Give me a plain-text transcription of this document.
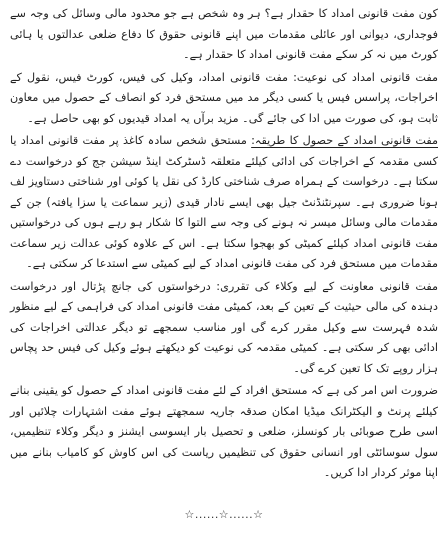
کون مفت قانونی امداد کا حقدار ہے؟ ہر وہ شخص ہے جو محدود مالی وسائل کی وجہ سے فوجداری، دیوانی اور عائلی مقدمات میں اپنے قانونی حقوق کا دفاع ضلعی عدالتوں یا ہائی کورٹ میں نہ کر سکے مفت قانونی امداد کا حقدار ہے۔

مفت قانونی امداد کی نوعیت: مفت قانونی امداد، وکیل کی فیس، کورٹ فیس، نقول کے اخراجات، پراسس فیس یا کسی دیگر مد میں مستحق فرد کو انصاف کے حصول میں معاون ثابت ہو، کی صورت میں ادا کی جائے گی۔ مزید برآں یہ امداد قیدیوں کو بھی حاصل ہے۔

مفت قانونی امداد کے حصول کا طریقہ: مستحق شخص سادہ کاغذ پر مفت قانونی امداد یا کسی مقدمہ کے اخراجات کی ادائی کیلئے متعلقہ ڈسٹرکٹ اینڈ سیشن جج کو درخواست دے سکتا ہے۔ درخواست کے ہمراہ صرف شناختی کارڈ کی نقل یا کوئی اور شناختی دستاویز لف ہونا ضروری ہے۔ سپرنٹنڈنٹ جیل بھی ایسے نادار قیدی (زیر سماعت یا سزا یافتہ) جن کے مقدمات مالی وسائل میسر نہ ہونے کی وجہ سے التوا کا شکار ہو رہے ہوں کی درخواستیں مفت قانونی امداد کیلئے کمیٹی کو بھجوا سکتا ہے۔ اس کے علاوہ کوئی عدالت زیر سماعت مقدمات میں مستحق فرد کی مفت قانونی امداد کے لیے کمیٹی سے استدعا کر سکتی ہے۔

مفت قانونی معاونت کے لیے وکلاء کی تقرری: درخواستوں کی جانچ پڑتال اور درخواست دہندہ کی مالی حیثیت کے تعین کے بعد، کمیٹی مفت قانونی امداد کی فراہمی کے لیے منظور شدہ فہرست سے وکیل مقرر کرے گی اور مناسب سمجھے تو دیگر عدالتی اخراجات کی ادائی بھی کر سکتی ہے۔ کمیٹی مقدمہ کی نوعیت کو دیکھتے ہوئے وکیل کی فیس حد پچاس ہزار روپے تک کا تعین کرے گی۔

ضرورت اس امر کی ہے کہ مستحق افراد کے لئے مفت قانونی امداد کے حصول کو یقینی بنانے کیلئے پرنٹ و الیکٹرانک میڈیا امکان صدقہ جاریہ سمجھتے ہوئے مفت اشتہارات چلائیں اور اسی طرح صوبائی بار کونسلز، ضلعی و تحصیل بار ایسوسی ایشنز و دیگر وکلاء تنظیمیں، سول سوسائٹی اور انسانی حقوق کی تنظیمیں ریاست کی اس کاوش کو کامیاب بنانے میں اپنا موثر کردار ادا کریں۔

☆......☆......☆
